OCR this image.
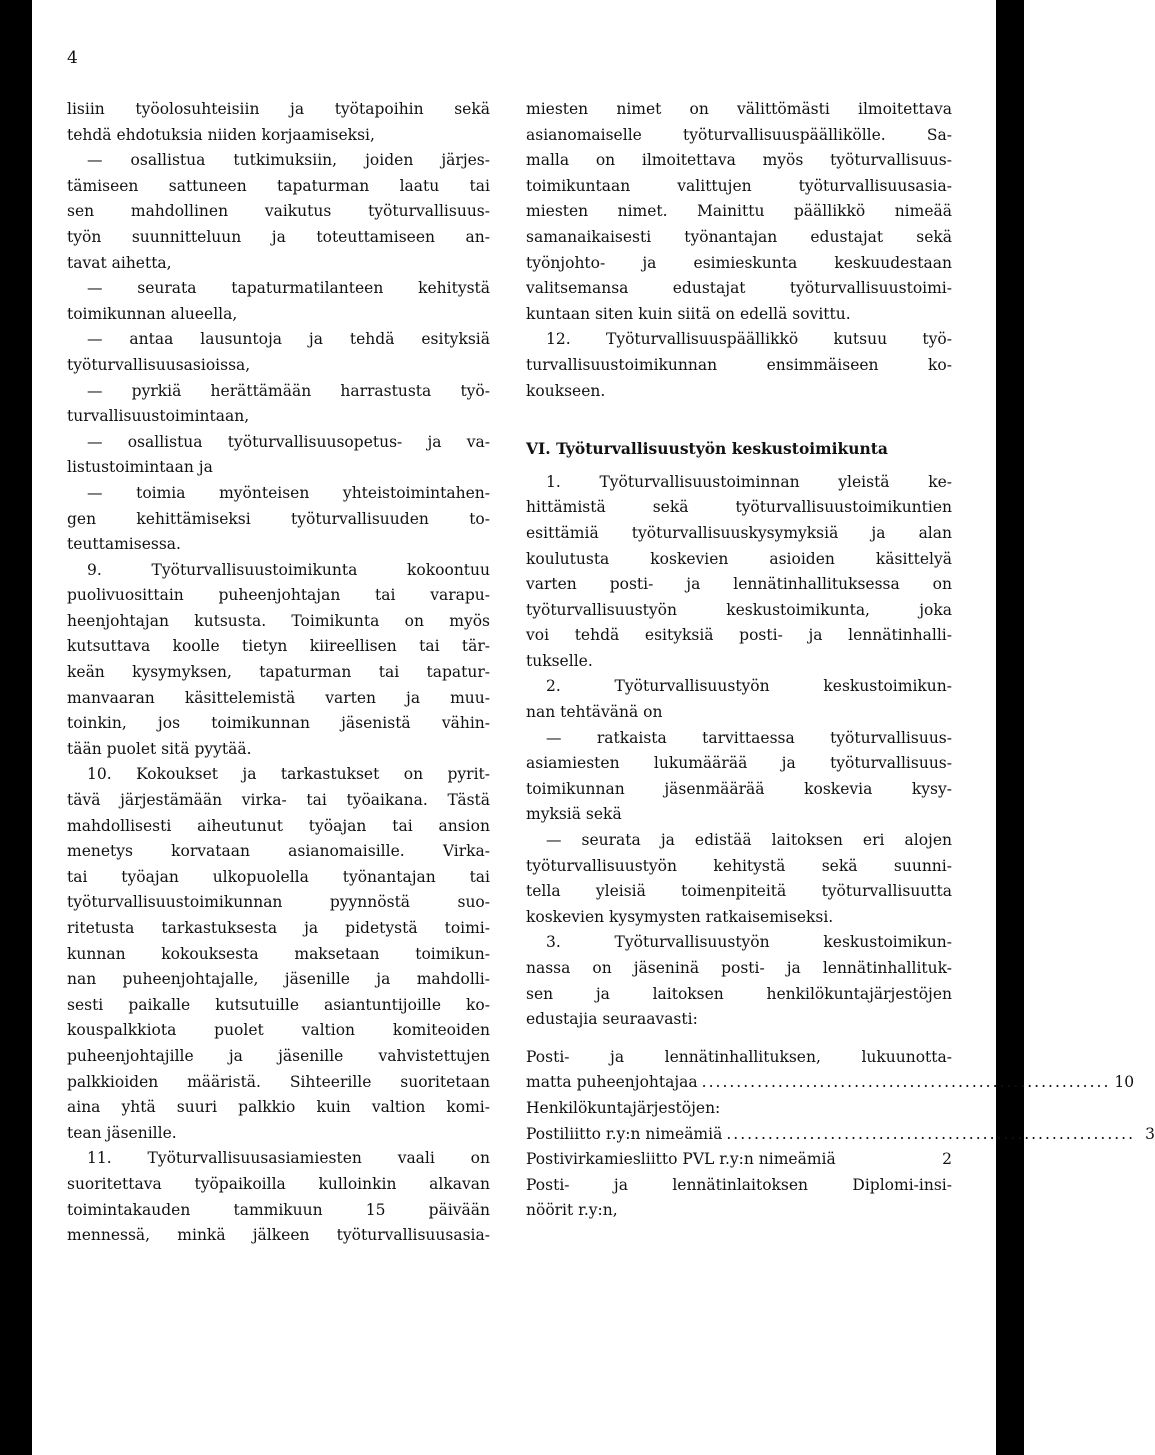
4
lisiin työolosuhteisiin ja työtapoihin sekä
tehdä ehdotuksia niiden korjaamiseksi,
— osallistua tutkimuksiin, joiden järjes-
tämiseen sattuneen tapaturman laatu tai
sen mahdollinen vaikutus työturvallisuus-
työn suunnitteluun ja toteuttamiseen an-
tavat aihetta,
— seurata tapaturmatilanteen kehitystä
toimikunnan alueella,
— antaa lausuntoja ja tehdä esityksiä
työturvallisuusasioissa,
— pyrkiä herättämään harrastusta työ-
turvallisuustoimintaan,
— osallistua työturvallisuusopetus- ja va-
listustoimintaan ja
— toimia myönteisen yhteistoimintahen-
gen kehittämiseksi työturvallisuuden to-
teuttamisessa.
9. Työturvallisuustoimikunta kokoontuu
puolivuosittain puheenjohtajan tai varapu-
heenjohtajan kutsusta. Toimikunta on myös
kutsuttava koolle tietyn kiireellisen tai tär-
keän kysymyksen, tapaturman tai tapatur-
manvaaran käsittelemistä varten ja muu-
toinkin, jos toimikunnan jäsenistä vähin-
tään puolet sitä pyytää.
10. Kokoukset ja tarkastukset on pyrit-
tävä järjestämään virka- tai työaikana. Tästä
mahdollisesti aiheutunut työajan tai ansion
menetys korvataan asianomaisille. Virka-
tai työajan ulkopuolella työnantajan tai
työturvallisuustoimikunnan pyynnöstä suo-
ritetusta tarkastuksesta ja pidetystä toimi-
kunnan kokouksesta maksetaan toimikun-
nan puheenjohtajalle, jäsenille ja mahdolli-
sesti paikalle kutsutuille asiantuntijoille ko-
kouspalkkiota puolet valtion komiteoiden
puheenjohtajille ja jäsenille vahvistettujen
palkkioiden määristä. Sihteerille suoritetaan
aina yhtä suuri palkkio kuin valtion komi-
tean jäsenille.
11. Työturvallisuusasiamiesten vaali on
suoritettava työpaikoilla kulloinkin alkavan
toimintakauden tammikuun 15 päivään
mennessä, minkä jälkeen työturvallisuusasia-
miesten nimet on välittömästi ilmoitettava
asianomaiselle työturvallisuuspäällikölle. Sa-
malla on ilmoitettava myös työturvallisuus-
toimikuntaan valittujen työturvallisuusasia-
miesten nimet. Mainittu päällikkö nimeää
samanaikaisesti työnantajan edustajat sekä
työnjohto- ja esimieskunta keskuudestaan
valitsemansa edustajat työturvallisuustoimi-
kuntaan siten kuin siitä on edellä sovittu.
12. Työturvallisuuspäällikkö kutsuu työ-
turvallisuustoimikunnan ensimmäiseen ko-
koukseen.
VI. Työturvallisuustyön keskustoimikunta
1. Työturvallisuustoiminnan yleistä ke-
hittämistä sekä työturvallisuustoimikuntien
esittämiä työturvallisuuskysymyksiä ja alan
koulutusta koskevien asioiden käsittelyä
varten posti- ja lennätinhallituksessa on
työturvallisuustyön keskustoimikunta, joka
voi tehdä esityksiä posti- ja lennätinhalli-
tukselle.
2. Työturvallisuustyön keskustoimikun-
nan tehtävänä on
— ratkaista tarvittaessa työturvallisuus-
asiamiesten lukumäärää ja työturvallisuus-
toimikunnan jäsenmäärää koskevia kysy-
myksiä sekä
— seurata ja edistää laitoksen eri alojen
työturvallisuustyön kehitystä sekä suunni-
tella yleisiä toimenpiteitä työturvallisuutta
koskevien kysymysten ratkaisemiseksi.
3. Työturvallisuustyön keskustoimikun-
nassa on jäseninä posti- ja lennätinhallituk-
sen ja laitoksen henkilökuntajärjestöjen
edustajia seuraavasti:
Posti- ja lennätinhallituksen, lukuunotta-
matta puheenjohtajaa ........................................................... 10
Henkilökuntajärjestöjen:
Postiliitto r.y:n nimeämiä ........................................................... 3
Postivirkamiesliitto PVL r.y:n nimeämiä	2
Posti- ja lennätinlaitoksen Diplomi-insi-
nöörit r.y:n,
